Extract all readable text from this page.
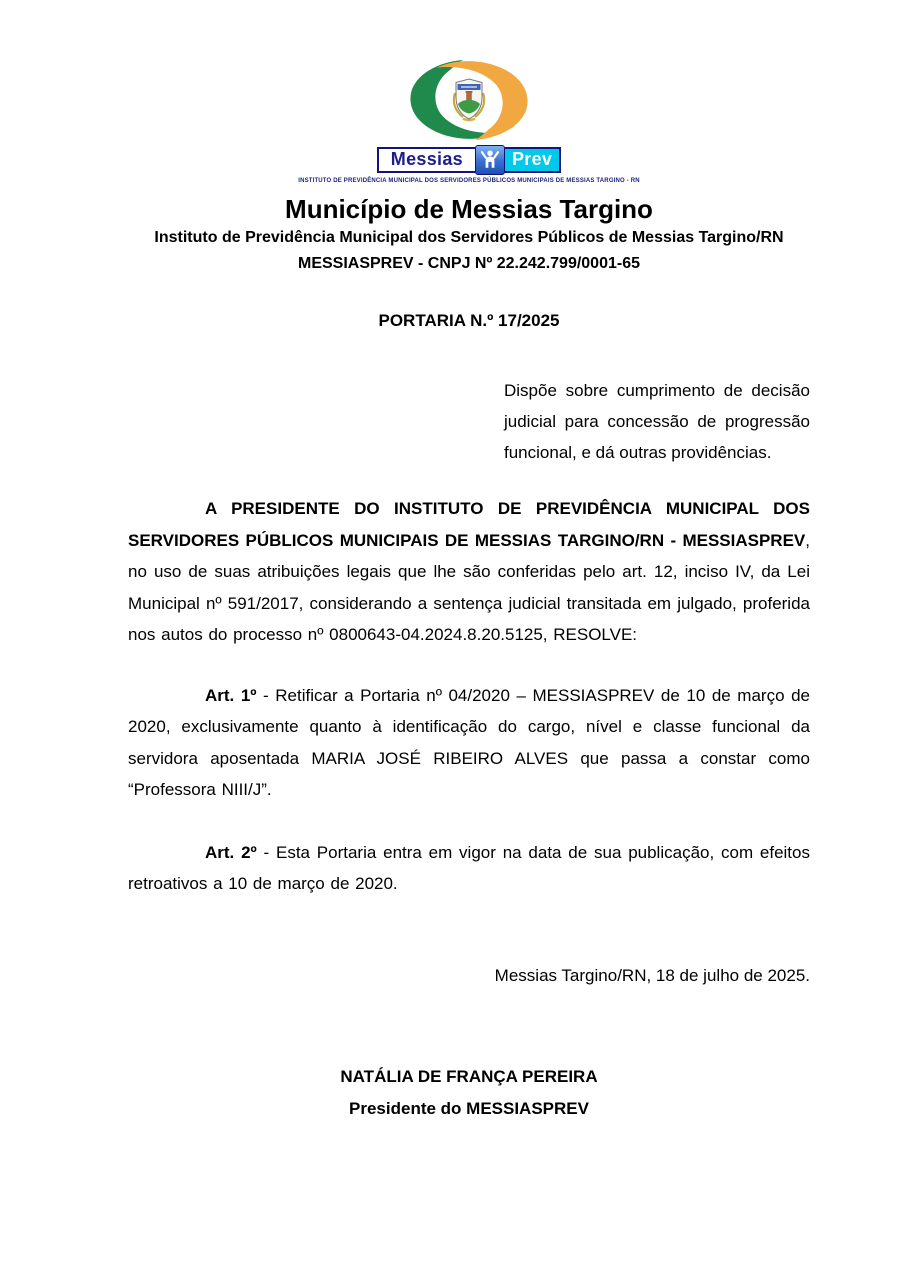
Messias	Prev
INSTITUTO DE PREVIDÊNCIA MUNICIPAL DOS SERVIDORES PÚBLICOS MUNICIPAIS DE MESSIAS TARGINO - RN
Município de Messias Targino
Instituto de Previdência Municipal dos Servidores Públicos de Messias Targino/RN
MESSIASPREV - CNPJ Nº 22.242.799/0001-65
PORTARIA N.º 17/2025
Dispõe sobre cumprimento de decisão judicial para concessão de progressão funcional, e dá outras providências.

A PRESIDENTE DO INSTITUTO DE PREVIDÊNCIA MUNICIPAL DOS SERVIDORES PÚBLICOS MUNICIPAIS DE MESSIAS TARGINO/RN - MESSIASPREV, no uso de suas atribuições legais que lhe são conferidas pelo art. 12, inciso IV, da Lei Municipal nº 591/2017, considerando a sentença judicial transitada em julgado, proferida nos autos do processo nº 0800643-04.2024.8.20.5125, RESOLVE:

Art. 1º - Retificar a Portaria nº 04/2020 – MESSIASPREV de 10 de março de 2020, exclusivamente quanto à identificação do cargo, nível e classe funcional da servidora aposentada MARIA JOSÉ RIBEIRO ALVES que passa a constar como “Professora NIII/J”.

Art. 2º - Esta Portaria entra em vigor na data de sua publicação, com efeitos retroativos a 10 de março de 2020.

Messias Targino/RN, 18 de julho de 2025.
NATÁLIA DE FRANÇA PEREIRA
Presidente do MESSIASPREV
